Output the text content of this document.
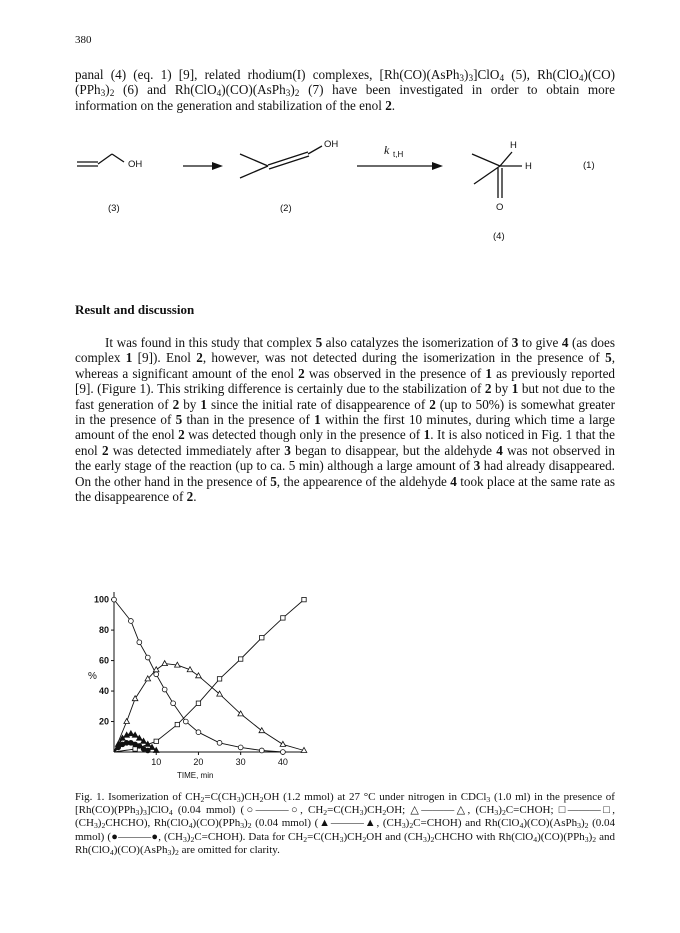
380

panal (4) (eq. 1) [9], related rhodium(I) complexes, $[Rh(CO)(AsPh_3)_3]ClO_4$ (5), $Rh(ClO_4)(CO)(PPh_3)_2$ (6) and $Rh(ClO_4)(CO)(AsPh_3)_2$ (7) have been investigated in order to obtain more information on the generation and stabilization of the enol 2.

OH
OH	k t,H
H
H
O
(1)
(3)	(2)
(4)
Result and discussion

It was found in this study that complex 5 also catalyzes the isomerization of 3 to give 4 (as does complex 1 [9]). Enol 2, however, was not detected during the isomerization in the presence of 5, whereas a significant amount of the enol 2 was observed in the presence of 1 as previously reported [9]. (Figure 1). This striking difference is certainly due to the stabilization of 2 by 1 but not due to the fast generation of 2 by 1 since the initial rate of disappearence of 2 (up to 50%) is somewhat greater in the presence of 5 than in the presence of 1 within the first 10 minutes, during which time a large amount of the enol 2 was detected though only in the presence of 1. It is also noticed in Fig. 1 that the enol 2 was detected immediately after 3 began to disappear, but the aldehyde 4 was not observed in the early stage of the reaction (up to ca. 5 min) although a large amount of 3 had already disappeared. On the other hand in the presence of 5, the appearence of the aldehyde 4 took place at the same rate as the disappearence of 2.

10	20	30	40
20
40
60
80
100
%
TIME, min

Fig. 1. Isomerization of $CH_2=C(CH_3)CH_2OH$ (1.2 mmol) at 27 °C under nitrogen in CDCl$_3$ (1.0 ml) in the presence of $[Rh(CO)(PPh_3)_3]ClO_4$ (0.04 mmol) (○———○, $CH_2=C(CH_3)CH_2OH$; △———△, $(CH_3)_2C=CHOH$; □———□, $(CH_3)_2CHCHO$), $Rh(ClO_4)(CO)(PPh_3)_2$ (0.04 mmol) (▲———▲, $(CH_3)_2C=CHOH$) and $Rh(ClO_4)(CO)(AsPh_3)_2$ (0.04 mmol) (●———●, $(CH_3)_2C=CHOH$). Data for $CH_2=C(CH_3)CH_2OH$ and $(CH_3)_2CHCHO$ with $Rh(ClO_4)(CO)(PPh_3)_2$ and $Rh(ClO_4)(CO)(AsPh_3)_2$ are omitted for clarity.
